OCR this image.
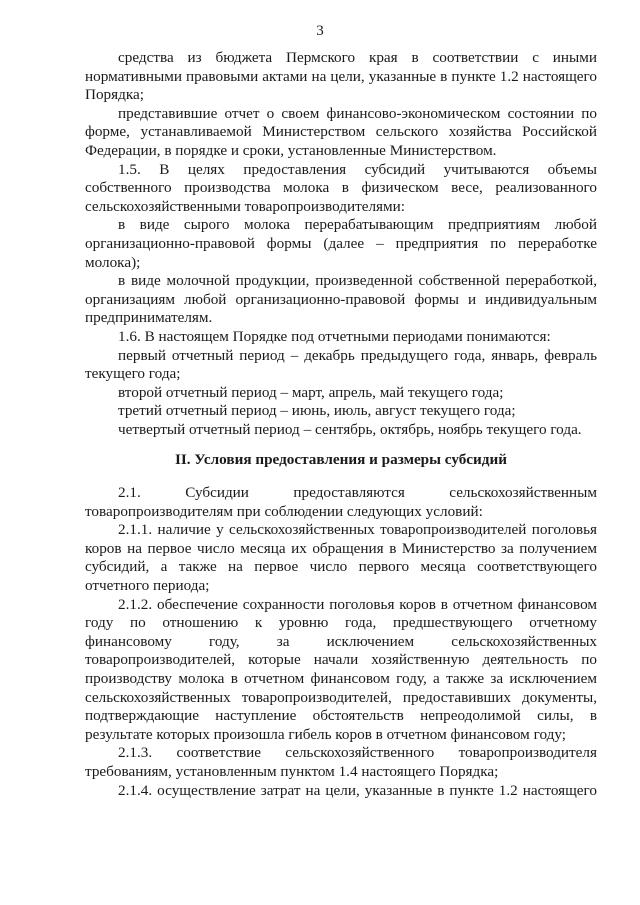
3

средства из бюджета Пермского края в соответствии с иными нормативными правовыми актами на цели, указанные в пункте 1.2 настоящего Порядка;

представившие отчет о своем финансово-экономическом состоянии по форме, устанавливаемой Министерством сельского хозяйства Российской Федерации, в порядке и сроки, установленные Министерством.

1.5. В целях предоставления субсидий учитываются объемы собственного производства молока в физическом весе, реализованного сельскохозяйственными товаропроизводителями:

в виде сырого молока перерабатывающим предприятиям любой организационно-правовой формы (далее – предприятия по переработке молока);

в виде молочной продукции, произведенной собственной переработкой, организациям любой организационно-правовой формы и индивидуальным предпринимателям.

1.6. В настоящем Порядке под отчетными периодами понимаются:

первый отчетный период – декабрь предыдущего года, январь, февраль текущего года;

второй отчетный период – март, апрель, май текущего года;

третий отчетный период – июнь, июль, август текущего года;

четвертый отчетный период – сентябрь, октябрь, ноябрь текущего года.

II. Условия предоставления и размеры субсидий

2.1. Субсидии предоставляются сельскохозяйственным товаропроизводителям при соблюдении следующих условий:

2.1.1. наличие у сельскохозяйственных товаропроизводителей поголовья коров на первое число месяца их обращения в Министерство за получением субсидий, а также на первое число первого месяца соответствующего отчетного периода;

2.1.2. обеспечение сохранности поголовья коров в отчетном финансовом году по отношению к уровню года, предшествующего отчетному финансовому году, за исключением сельскохозяйственных товаропроизводителей, которые начали хозяйственную деятельность по производству молока в отчетном финансовом году, а также за исключением сельскохозяйственных товаропроизводителей, предоставивших документы, подтверждающие наступление обстоятельств непреодолимой силы, в результате которых произошла гибель коров в отчетном финансовом году;

2.1.3. соответствие сельскохозяйственного товаропроизводителя требованиям, установленным пунктом 1.4 настоящего Порядка;

2.1.4. осуществление затрат на цели, указанные в пункте 1.2 настоящего
